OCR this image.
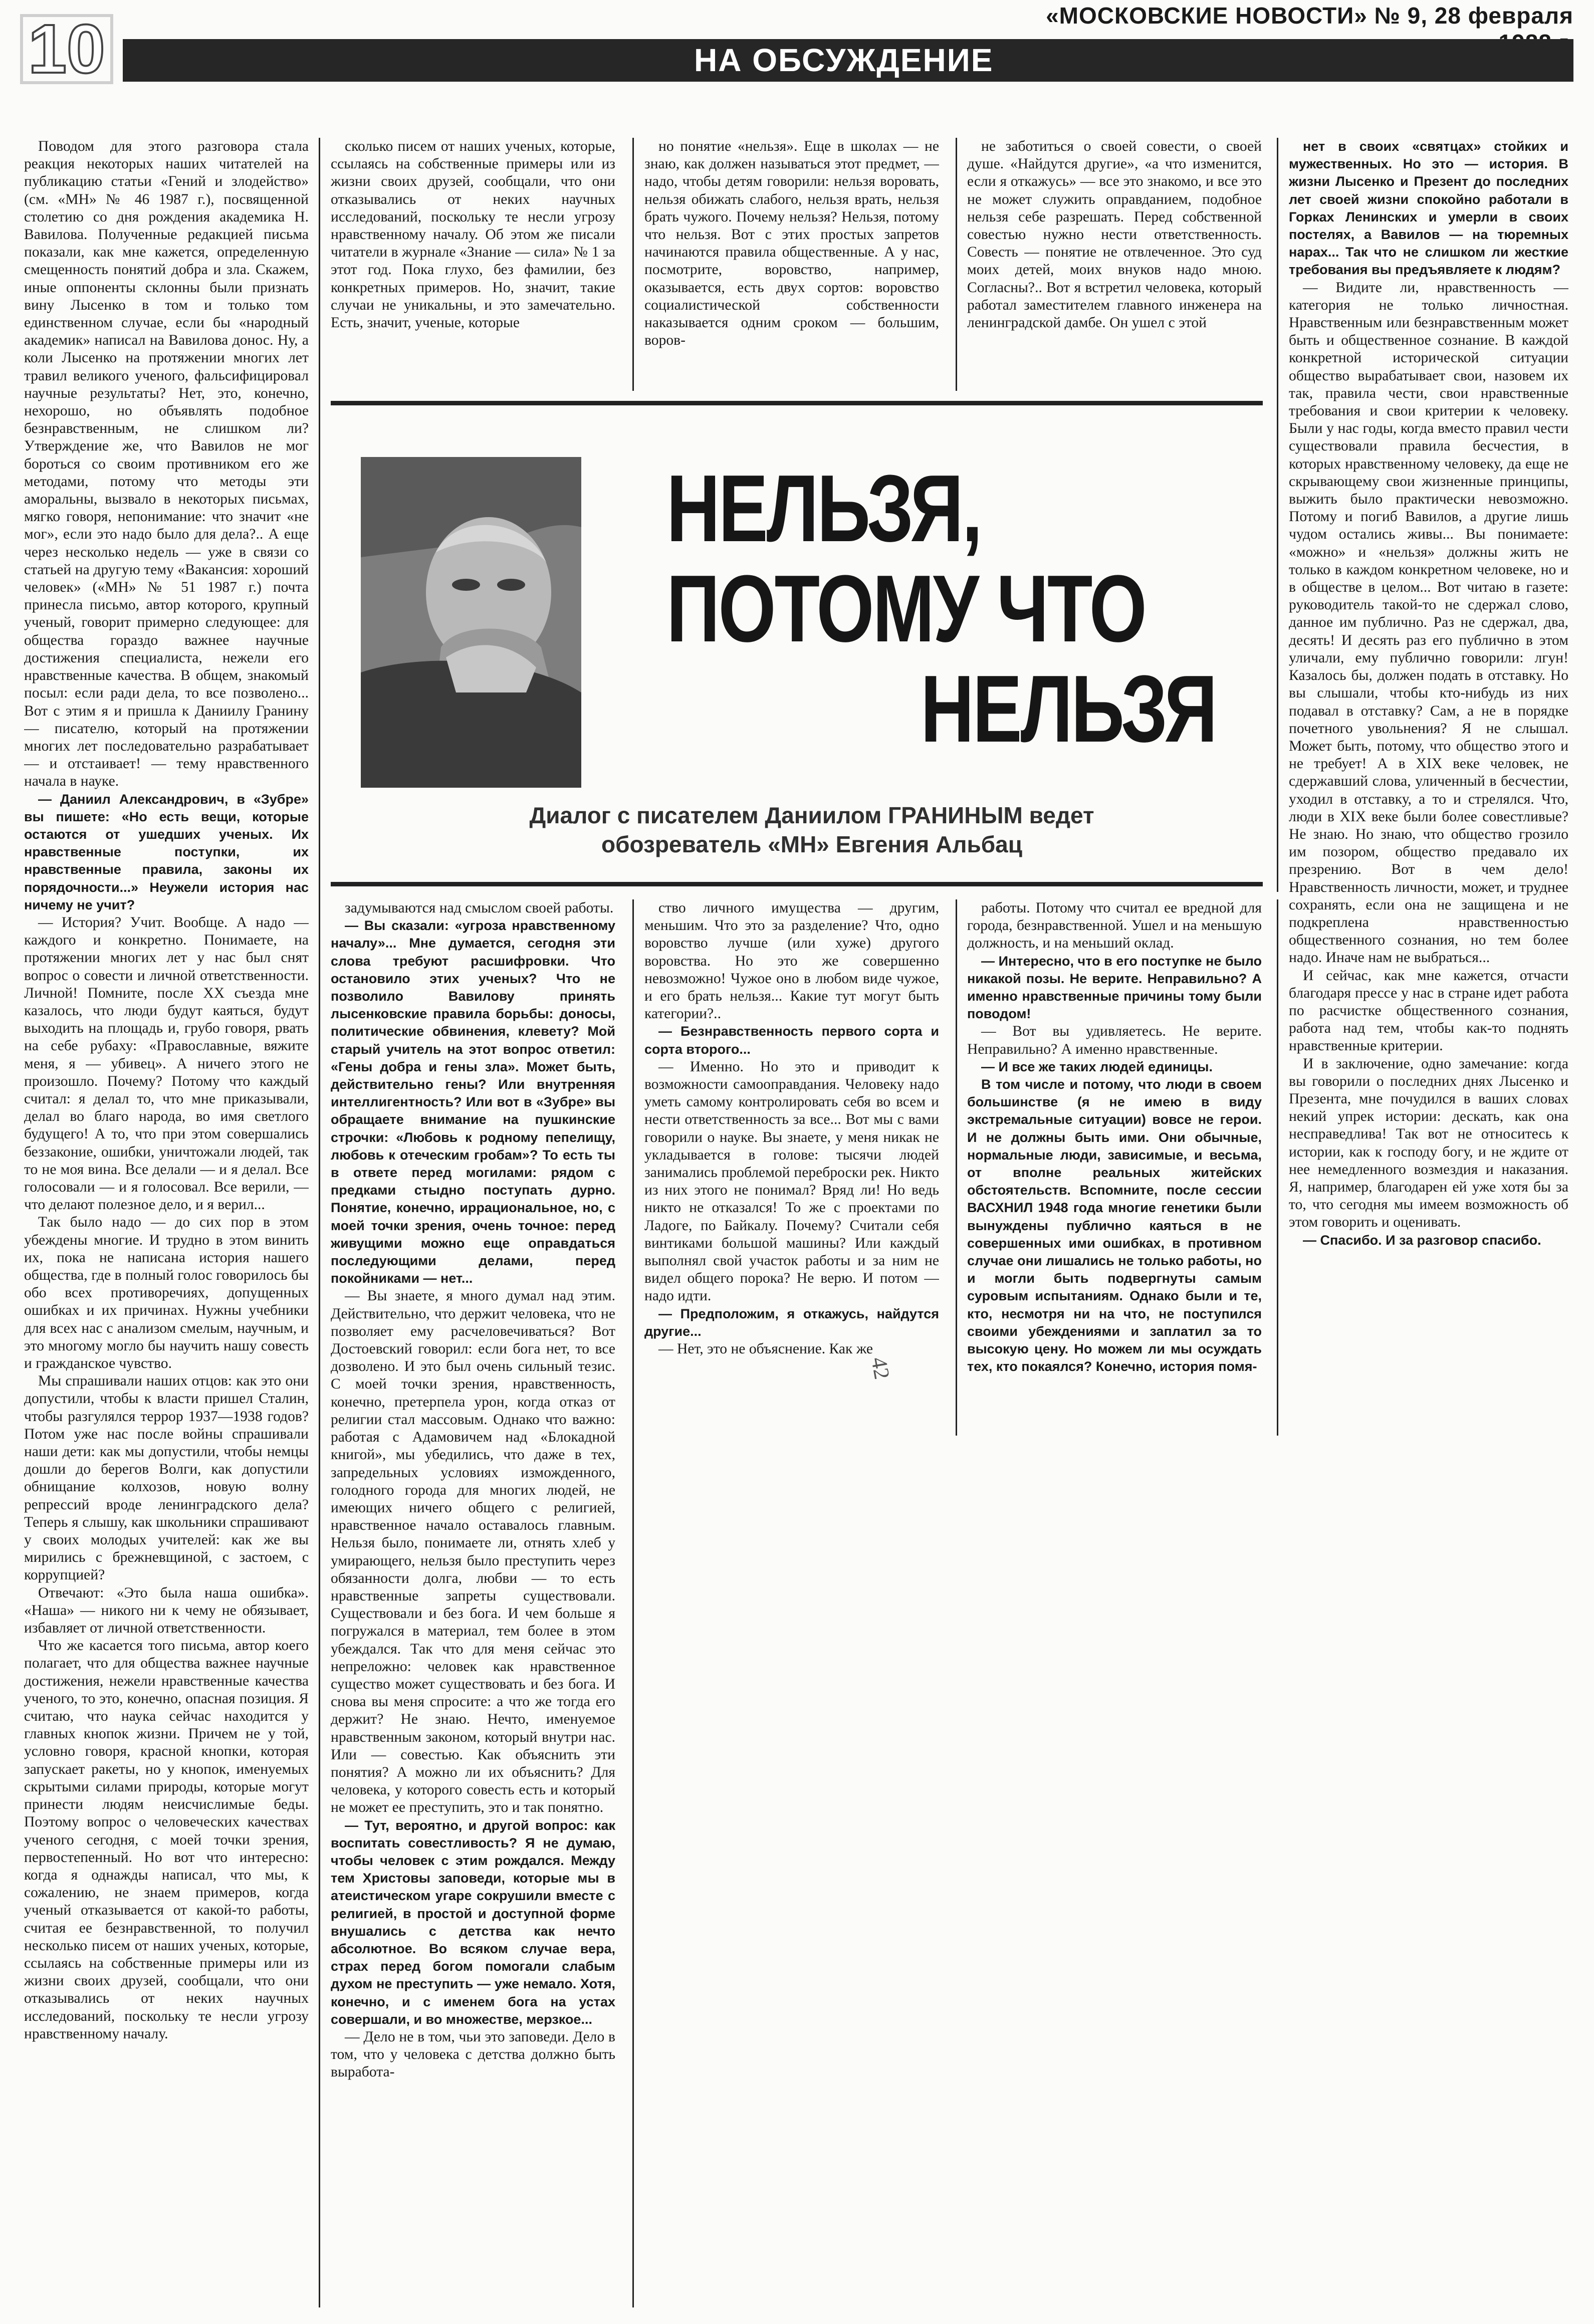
10	«МОСКОВСКИЕ НОВОСТИ» № 9, 28 февраля
НА ОБСУЖДЕНИЕ

Поводом для этого разговора стала реакция некоторых наших читателей на публикацию статьи «Гений и злодейство» (см. «МН» № 46 1987 г.), посвященной столетию со дня рождения академика Н. Вавилова. Полученные редакцией письма показали, как мне кажется, определенную смещенность понятий добра и зла. Скажем, иные оппоненты склонны были признать вину Лысенко в том и только том единственном случае, если бы «народный академик» написал на Вавилова донос. Ну, а коли Лысенко на протяжении многих лет травил великого ученого, фальсифицировал научные результаты? Нет, это, конечно, нехорошо, но объявлять подобное безнравственным, не слишком ли? Утверждение же, что Вавилов не мог бороться со своим противником его же методами, потому что методы эти аморальны, вызвало в некоторых письмах, мягко говоря, непонимание: что значит «не мог», если это надо было для дела?.. А еще через несколько недель — уже в связи со статьей на другую тему «Вакансия: хороший человек» («МН» № 51 1987 г.) почта принесла письмо, автор которого, крупный ученый, говорит примерно следующее: для общества гораздо важнее научные достижения специалиста, нежели его нравственные качества. В общем, знакомый посыл: если ради дела, то все позволено... Вот с этим я и пришла к Даниилу Гранину — писателю, который на протяжении многих лет последовательно разрабатывает — и отстаивает! — тему нравственного начала в науке.

— Даниил Александрович, в «Зубре» вы пишете: «Но есть вещи, которые остаются от ушедших ученых. Их нравственные поступки, их нравственные правила, законы их порядочности...» Неужели история нас ничему не учит?

— История? Учит. Вообще. А надо — каждого и конкретно. Понимаете, на протяжении многих лет у нас был снят вопрос о совести и личной ответственности. Личной! Помните, после XX съезда мне казалось, что люди будут каяться, будут выходить на площадь и, грубо говоря, рвать на себе рубаху: «Православные, вяжите меня, я — убивец». А ничего этого не произошло. Почему? Потому что каждый считал: я делал то, что мне приказывали, делал во благо народа, во имя светлого будущего! А то, что при этом совершались беззаконие, ошибки, уничтожали людей, так то не моя вина. Все делали — и я делал. Все голосовали — и я голосовал. Все верили, — что делают полезное дело, и я верил...

Так было надо — до сих пор в этом убеждены многие. И трудно в этом винить их, пока не написана история нашего общества, где в полный голос говорилось бы обо всех противоречиях, допущенных ошибках и их причинах. Нужны учебники для всех нас с анализом смелым, научным, и это многому могло бы научить нашу совесть и гражданское чувство.

Мы спрашивали наших отцов: как это они допустили, чтобы к власти пришел Сталин, чтобы разгулялся террор 1937—1938 годов? Потом уже нас после войны спрашивали наши дети: как мы допустили, чтобы немцы дошли до берегов Волги, как допустили обнищание колхозов, новую волну репрессий вроде ленинградского дела? Теперь я слышу, как школьники спрашивают у своих молодых учителей: как же вы мирились с брежневщиной, с застоем, с коррупцией?

Отвечают: «Это была наша ошибка». «Наша» — никого ни к чему не обязывает, избавляет от личной ответственности.

Что же касается того письма, автор коего полагает, что для общества важнее научные достижения, нежели нравственные качества ученого, то это, конечно, опасная позиция. Я считаю, что наука сейчас находится у главных кнопок жизни. Причем не у той, условно говоря, красной кнопки, которая запускает ракеты, но у кнопок, именуемых скрытыми силами природы, которые могут принести людям неисчислимые беды. Поэтому вопрос о человеческих качествах ученого сегодня, с моей точки зрения, первостепенный. Но вот что интересно: когда я однажды написал, что мы, к сожалению, не знаем примеров, когда ученый отказывается от какой-то работы, считая ее безнравственной, то получил несколько писем от наших ученых, которые, ссылаясь на собственные примеры или из жизни своих друзей, сообщали, что они отказывались от неких научных исследований, поскольку те несли угрозу нравственному началу.

сколько писем от наших ученых, которые, ссылаясь на собственные примеры или из жизни своих друзей, сообщали, что они отказывались от неких научных исследований, поскольку те несли угрозу нравственному началу. Об этом же писали читатели в журнале «Знание — сила» № 1 за этот год. Пока глухо, без фамилии, без конкретных примеров. Но, значит, такие случаи не уникальны, и это замечательно. Есть, значит, ученые, которые

но понятие «нельзя». Еще в школах — не знаю, как должен называться этот предмет, — надо, чтобы детям говорили: нельзя воровать, нельзя обижать слабого, нельзя врать, нельзя брать чужого. Почему нельзя? Нельзя, потому что нельзя. Вот с этих простых запретов начинаются правила общественные. А у нас, посмотрите, воровство, например, оказывается, есть двух сортов: воровство социалистической собственности наказывается одним сроком — большим, воров-

не заботиться о своей совести, о своей душе. «Найдутся другие», «а что изменится, если я откажусь» — все это знакомо, и все это не может служить оправданием, подобное нельзя себе разрешать. Перед собственной совестью нужно нести ответственность. Совесть — понятие не отвлеченное. Это суд моих детей, моих внуков надо мною. Согласны?.. Вот я встретил человека, который работал заместителем главного инженера на ленинградской дамбе. Он ушел с этой

нет в своих «святцах» стойких и мужественных. Но это — история. В жизни Лысенко и Презент до последних лет своей жизни спокойно работали в Горках Ленинских и умерли в своих постелях, а Вавилов — на тюремных нарах... Так что не слишком ли жесткие требования вы предъявляете к людям?

— Видите ли, нравственность — категория не только личностная. Нравственным или безнравственным может быть и общественное сознание. В каждой конкретной исторической ситуации общество вырабатывает свои, назовем их так, правила чести, свои нравственные требования и свои критерии к человеку. Были у нас годы, когда вместо правил чести существовали правила бесчестия, в которых нравственному человеку, да еще не скрывающему свои жизненные принципы, выжить было практически невозможно. Потому и погиб Вавилов, а другие лишь чудом остались живы... Вы понимаете: «можно» и «нельзя» должны жить не только в каждом конкретном человеке, но и в обществе в целом... Вот читаю в газете: руководитель такой-то не сдержал слово, данное им публично. Раз не сдержал, два, десять! И десять раз его публично в этом уличали, ему публично говорили: лгун! Казалось бы, должен подать в отставку. Но вы слышали, чтобы кто-нибудь из них подавал в отставку? Сам, а не в порядке почетного увольнения? Я не слышал. Может быть, потому, что общество этого и не требует! А в XIX веке человек, не сдержавший слова, уличенный в бесчестии, уходил в отставку, а то и стрелялся. Что, люди в XIX веке были более совестливые? Не знаю. Но знаю, что общество грозило им позором, общество предавало их презрению. Вот в чем дело! Нравственность личности, может, и труднее сохранять, если она не защищена и не подкреплена нравственностью общественного сознания, но тем более надо. Иначе нам не выбраться...

И сейчас, как мне кажется, отчасти благодаря прессе у нас в стране идет работа по расчистке общественного сознания, работа над тем, чтобы как-то поднять нравственные критерии.

И в заключение, одно замечание: когда вы говорили о последних днях Лысенко и Презента, мне почудился в ваших словах некий упрек истории: дескать, как она несправедлива! Так вот не относитесь к истории, как к господу богу, и не ждите от нее немедленного возмездия и наказания. Я, например, благодарен ей уже хотя бы за то, что сегодня мы имеем возможность об этом говорить и оценивать.

— Спасибо. И за разговор спасибо.

НЕЛЬЗЯ,
ПОТОМУ ЧТО
НЕЛЬЗЯ
Диалог с писателем Даниилом ГРАНИНЫМ ведет
обозреватель «МН» Евгения Альбац

задумываются над смыслом своей работы.

— Вы сказали: «угроза нравственному началу»... Мне думается, сегодня эти слова требуют расшифровки. Что остановило этих ученых? Что не позволило Вавилову принять лысенковские правила борьбы: доносы, политические обвинения, клевету? Мой старый учитель на этот вопрос ответил: «Гены добра и гены зла». Может быть, действительно гены? Или внутренняя интеллигентность? Или вот в «Зубре» вы обращаете внимание на пушкинские строчки: «Любовь к родному пепелищу, любовь к отеческим гробам»? То есть ты в ответе перед могилами: рядом с предками стыдно поступать дурно. Понятие, конечно, иррациональное, но, с моей точки зрения, очень точное: перед живущими можно еще оправдаться последующими делами, перед покойниками — нет...

— Вы знаете, я много думал над этим. Действительно, что держит человека, что не позволяет ему расчеловечиваться? Вот Достоевский говорил: если бога нет, то все дозволено. И это был очень сильный тезис. С моей точки зрения, нравственность, конечно, претерпела урон, когда отказ от религии стал массовым. Однако что важно: работая с Адамовичем над «Блокадной книгой», мы убедились, что даже в тех, запредельных условиях изможденного, голодного города для многих людей, не имеющих ничего общего с религией, нравственное начало оставалось главным. Нельзя было, понимаете ли, отнять хлеб у умирающего, нельзя было преступить через обязанности долга, любви — то есть нравственные запреты существовали. Существовали и без бога. И чем больше я погружался в материал, тем более в этом убеждался. Так что для меня сейчас это непреложно: человек как нравственное существо может существовать и без бога. И снова вы меня спросите: а что же тогда его держит? Не знаю. Нечто, именуемое нравственным законом, который внутри нас. Или — совестью. Как объяснить эти понятия? А можно ли их объяснить? Для человека, у которого совесть есть и который не может ее преступить, это и так понятно.

— Тут, вероятно, и другой вопрос: как воспитать совестливость? Я не думаю, чтобы человек с этим рождался. Между тем Христовы заповеди, которые мы в атеистическом угаре сокрушили вместе с религией, в простой и доступной форме внушались с детства как нечто абсолютное. Во всяком случае вера, страх перед богом помогали слабым духом не преступить — уже немало. Хотя, конечно, и с именем бога на устах совершали, и во множестве, мерзкое...

— Дело не в том, чьи это заповеди. Дело в том, что у человека с детства должно быть выработа-

ство личного имущества — другим, меньшим. Что это за разделение? Что, одно воровство лучше (или хуже) другого воровства. Но это же совершенно невозможно! Чужое оно в любом виде чужое, и его брать нельзя... Какие тут могут быть категории?..

— Безнравственность первого сорта и сорта второго...

— Именно. Но это и приводит к возможности самооправдания. Человеку надо уметь самому контролировать себя во всем и нести ответственность за все... Вот мы с вами говорили о науке. Вы знаете, у меня никак не укладывается в голове: тысячи людей занимались проблемой переброски рек. Никто из них этого не понимал? Вряд ли! Но ведь никто не отказался! То же с проектами по Ладоге, по Байкалу. Почему? Считали себя винтиками большой машины? Или каждый выполнял свой участок работы и за ним не видел общего порока? Не верю. И потом — надо идти.

— Предположим, я откажусь, найдутся другие...

— Нет, это не объяснение. Как же

работы. Потому что считал ее вредной для города, безнравственной. Ушел и на меньшую должность, и на меньший оклад.

— Интересно, что в его поступке не было никакой позы. Не верите. Неправильно? А именно нравственные причины тому были поводом!

— Вот вы удивляетесь. Не верите. Неправильно? А именно нравственные.

— И все же таких людей единицы.

В том числе и потому, что люди в своем большинстве (я не имею в виду экстремальные ситуации) вовсе не герои. И не должны быть ими. Они обычные, нормальные люди, зависимые, и весьма, от вполне реальных житейских обстоятельств. Вспомните, после сессии ВАСХНИЛ 1948 года многие генетики были вынуждены публично каяться в не совершенных ими ошибках, в противном случае они лишались не только работы, но и могли быть подвергнуты самым суровым испытаниям. Однако были и те, кто, несмотря ни на что, не поступился своими убеждениями и заплатил за то высокую цену. Но можем ли мы осуждать тех, кто покаялся? Конечно, история помя-

42
